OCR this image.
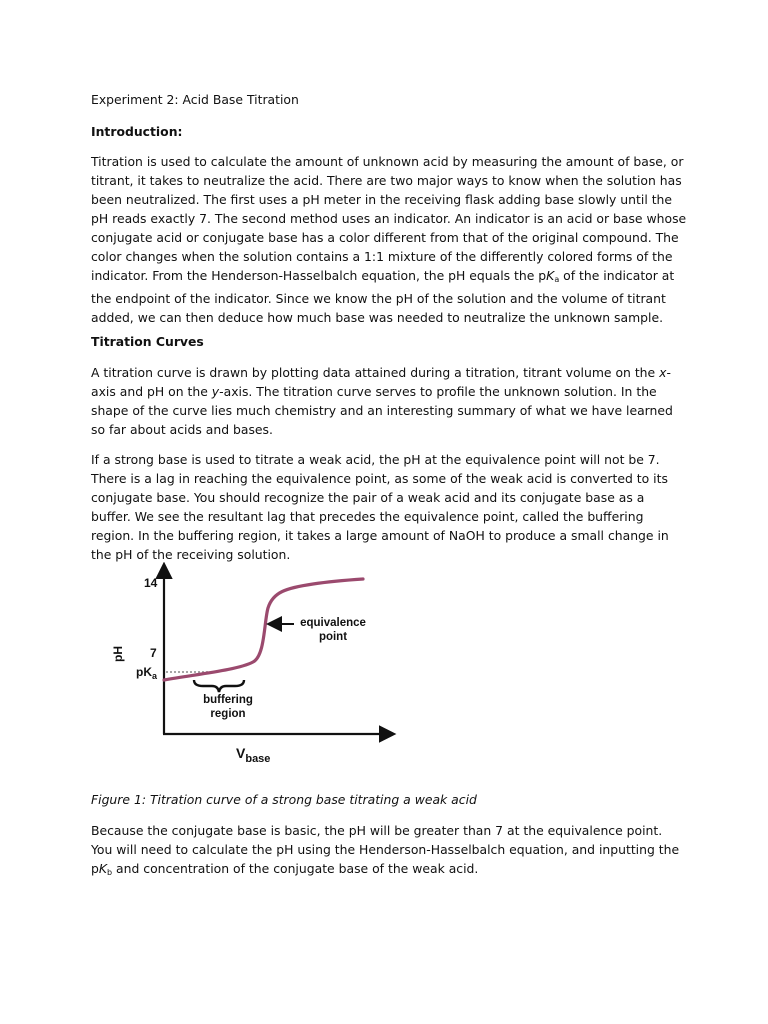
Experiment 2: Acid Base Titration

Introduction:

Titration is used to calculate the amount of unknown acid by measuring the amount of base, or titrant, it takes to neutralize the acid. There are two major ways to know when the solution has been neutralized. The first uses a pH meter in the receiving flask adding base slowly until the pH reads exactly 7. The second method uses an indicator. An indicator is an acid or base whose conjugate acid or conjugate base has a color different from that of the original compound. The color changes when the solution contains a 1:1 mixture of the differently colored forms of the indicator. From the Henderson-Hasselbalch equation, the pH equals the $pK_a$ of the indicator at the endpoint of the indicator. Since we know the pH of the solution and the volume of titrant added, we can then deduce how much base was needed to neutralize the unknown sample.

Titration Curves

A titration curve is drawn by plotting data attained during a titration, titrant volume on the x-axis and pH on the y-axis. The titration curve serves to profile the unknown solution. In the shape of the curve lies much chemistry and an interesting summary of what we have learned so far about acids and bases.

If a strong base is used to titrate a weak acid, the pH at the equivalence point will not be 7. There is a lag in reaching the equivalence point, as some of the weak acid is converted to its conjugate base. You should recognize the pair of a weak acid and its conjugate base as a buffer. We see the resultant lag that precedes the equivalence point, called the buffering region. In the buffering region, it takes a large amount of NaOH to produce a small change in the pH of the receiving solution.

14
7
$pK_a$
pH
equivalence
point
buffering
region
$V_{base}$

Figure 1: Titration curve of a strong base titrating a weak acid

Because the conjugate base is basic, the pH will be greater than 7 at the equivalence point. You will need to calculate the pH using the Henderson-Hasselbalch equation, and inputting the $pK_b$ and concentration of the conjugate base of the weak acid.
